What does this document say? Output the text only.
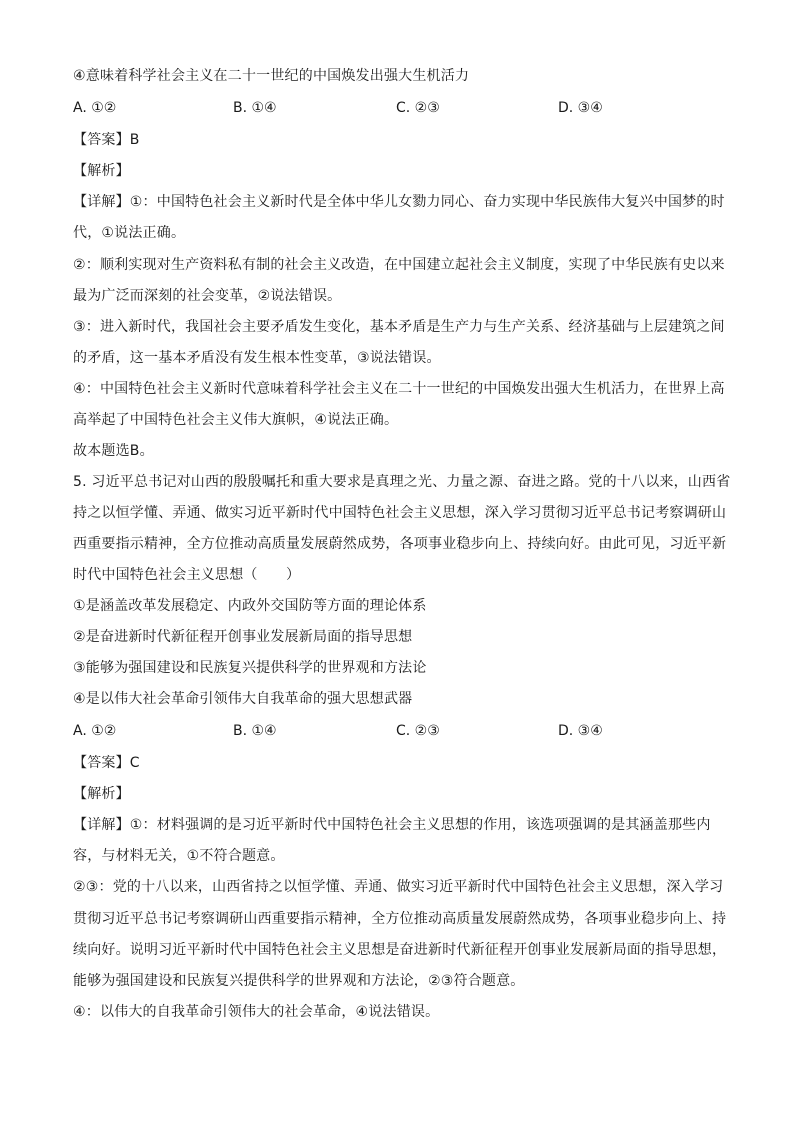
④意味着科学社会主义在二十一世纪的中国焕发出强大生机活力
A. ①②	B. ①④	C. ②③	D. ③④
【答案】B
【解析】
【详解】①：中国特色社会主义新时代是全体中华儿女勠力同心、奋力实现中华民族伟大复兴中国梦的时
代，①说法正确。
②：顺利实现对生产资料私有制的社会主义改造，在中国建立起社会主义制度，实现了中华民族有史以来
最为广泛而深刻的社会变革，②说法错误。
③：进入新时代，我国社会主要矛盾发生变化，基本矛盾是生产力与生产关系、经济基础与上层建筑之间
的矛盾，这一基本矛盾没有发生根本性变革，③说法错误。
④：中国特色社会主义新时代意味着科学社会主义在二十一世纪的中国焕发出强大生机活力，在世界上高
高举起了中国特色社会主义伟大旗帜，④说法正确。
故本题选B。
5. 习近平总书记对山西的殷殷嘱托和重大要求是真理之光、力量之源、奋进之路。党的十八以来，山西省
持之以恒学懂、弄通、做实习近平新时代中国特色社会主义思想，深入学习贯彻习近平总书记考察调研山
西重要指示精神，全方位推动高质量发展蔚然成势，各项事业稳步向上、持续向好。由此可见，习近平新
时代中国特色社会主义思想（　　）
①是涵盖改革发展稳定、内政外交国防等方面的理论体系
②是奋进新时代新征程开创事业发展新局面的指导思想
③能够为强国建设和民族复兴提供科学的世界观和方法论
④是以伟大社会革命引领伟大自我革命的强大思想武器
A. ①②	B. ①④	C. ②③	D. ③④
【答案】C
【解析】
【详解】①：材料强调的是习近平新时代中国特色社会主义思想的作用，该选项强调的是其涵盖那些内
容，与材料无关，①不符合题意。
②③：党的十八以来，山西省持之以恒学懂、弄通、做实习近平新时代中国特色社会主义思想，深入学习
贯彻习近平总书记考察调研山西重要指示精神，全方位推动高质量发展蔚然成势，各项事业稳步向上、持
续向好。说明习近平新时代中国特色社会主义思想是奋进新时代新征程开创事业发展新局面的指导思想，
能够为强国建设和民族复兴提供科学的世界观和方法论，②③符合题意。
④：以伟大的自我革命引领伟大的社会革命，④说法错误。
